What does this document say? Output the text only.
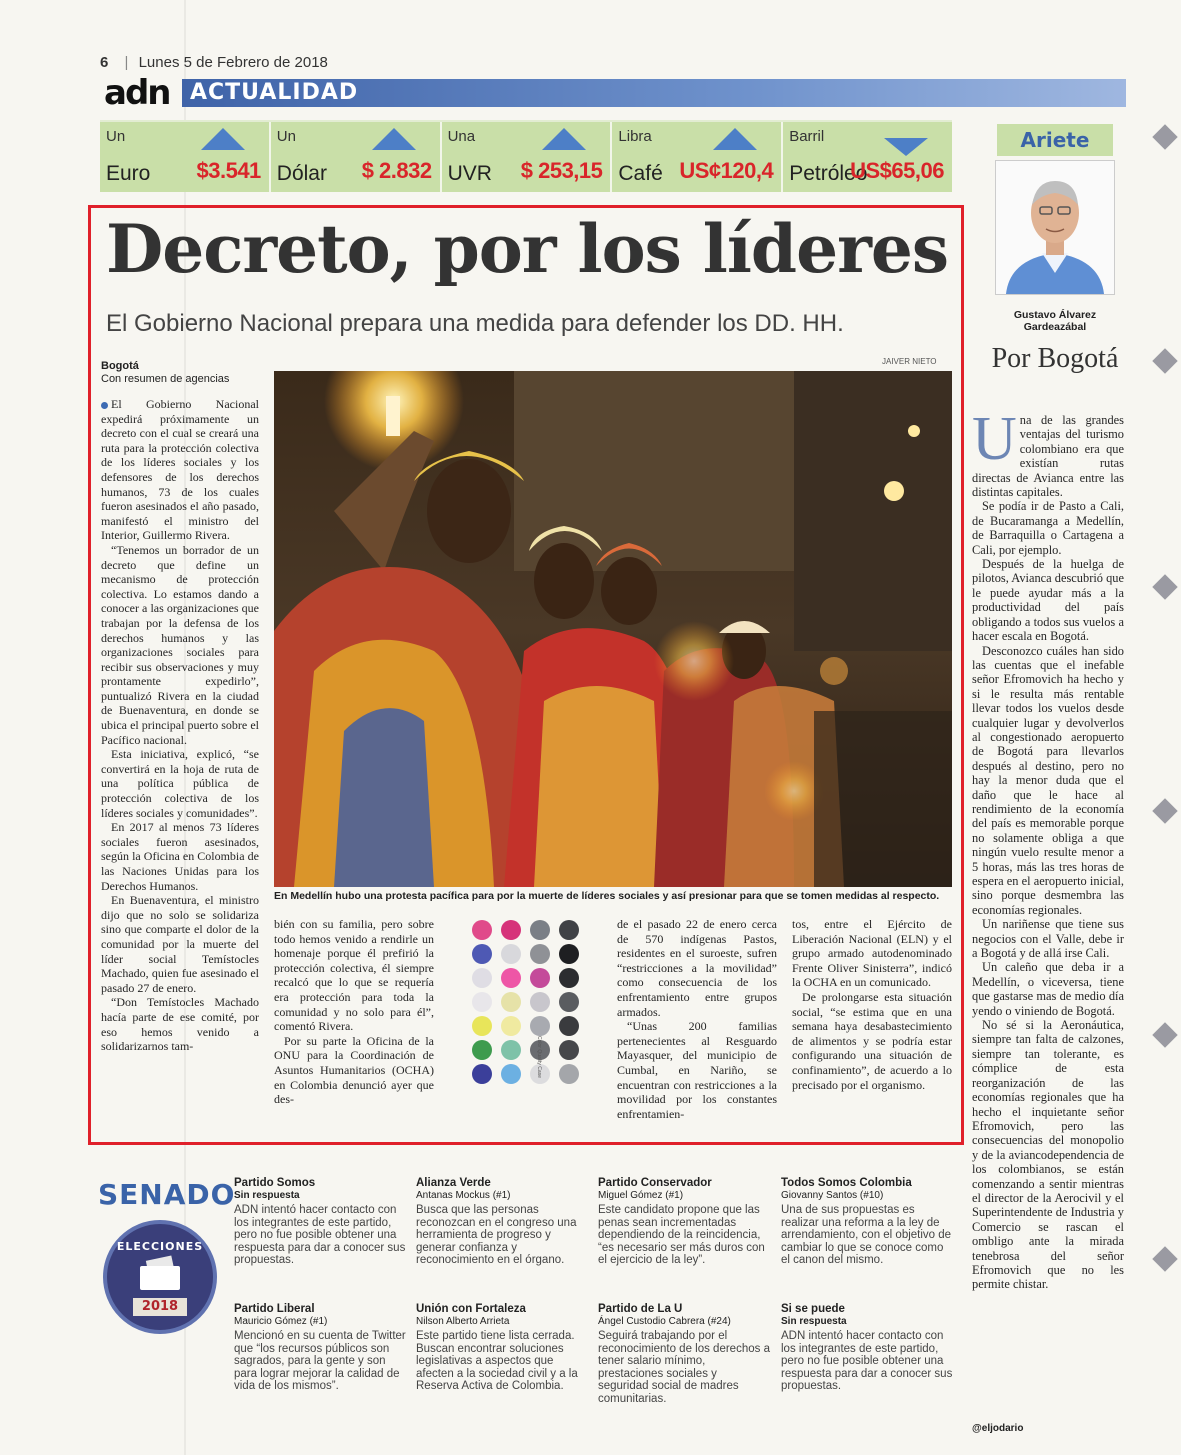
6 | Lunes 5 de Febrero de 2018
adn ACTUALIDAD
Un
Euro $3.541
Un
Dólar $ 2.832
Una
UVR $ 253,15
Libra
Café US¢120,4
Barril
Petróleo
US$65,06
Decreto, por los líderes
El Gobierno Nacional prepara una medida para defender los DD. HH.
JAIVER NIETO
Bogotá
Con resumen de agencias
En Medellín hubo una protesta pacífica para por la muerte de líderes sociales y así presionar para que se tomen medidas al respecto.

El Gobierno Nacional expedirá próximamente un decreto con el cual se creará una ruta para la protección colectiva de los líderes sociales y los defensores de los derechos humanos, 73 de los cuales fueron asesinados el año pasado, manifestó el ministro del Interior, Guillermo Rivera.

“Tenemos un borrador de un decreto que define un mecanismo de protección colectiva. Lo estamos dando a conocer a las organizaciones que trabajan por la defensa de los derechos humanos y las organizaciones sociales para recibir sus observaciones y muy prontamente expedirlo”, puntualizó Rivera en la ciudad de Buenaventura, en donde se ubica el principal puerto sobre el Pacífico nacional.

Esta iniciativa, explicó, “se convertirá en la hoja de ruta de una política pública de protección colectiva de los líderes sociales y comunidades”.

En 2017 al menos 73 líderes sociales fueron asesinados, según la Oficina en Colombia de las Naciones Unidas para los Derechos Humanos.

En Buenaventura, el ministro dijo que no solo se solidariza sino que comparte el dolor de la comunidad por la muerte del líder social Temístocles Machado, quien fue asesinado el pasado 27 de enero.

“Don Temístocles Machado hacía parte de ese comité, por eso hemos venido a solidarizarnos tam-

bién con su familia, pero sobre todo hemos venido a rendirle un homenaje porque él prefirió la protección colectiva, él siempre recalcó que lo que se requería era protección para toda la comunidad y no solo para él”, comentó Rivera.

Por su parte la Oficina de la ONU para la Coordinación de Asuntos Humanitarios (OCHA) en Colombia denunció ayer que des-

Color Quality Case

de el pasado 22 de enero cerca de 570 indígenas Pastos, residentes en el suroeste, sufren “restricciones a la movilidad” como consecuencia de los enfrentamiento entre grupos armados.

“Unas 200 familias pertenecientes al Resguardo Mayasquer, del municipio de Cumbal, en Nariño, se encuentran con restricciones a la movilidad por los constantes enfrentamien-

tos, entre el Ejército de Liberación Nacional (ELN) y el grupo armado autodenominado Frente Oliver Sinisterra”, indicó la OCHA en un comunicado.

De prolongarse esta situación social, “se estima que en una semana haya desabastecimiento de alimentos y se podría estar configurando una situación de confinamiento”, de acuerdo a lo precisado por el organismo.

Ariete
Gustavo Álvarez Gardeazábal
Por Bogotá

Una de las grandes ventajas del turismo colombiano era que existían rutas directas de Avianca entre las distintas capitales.

Se podía ir de Pasto a Cali, de Bucaramanga a Medellín, de Barraquilla o Cartagena a Cali, por ejemplo.

Después de la huelga de pilotos, Avianca descubrió que le puede ayudar más a la productividad del país obligando a todos sus vuelos a hacer escala en Bogotá.

Desconozco cuáles han sido las cuentas que el inefable señor Efromovich ha hecho y si le resulta más rentable llevar todos los vuelos desde cualquier lugar y devolverlos al congestionado aeropuerto de Bogotá para llevarlos después al destino, pero no hay la menor duda que el daño que le hace al rendimiento de la economía del país es memorable porque no solamente obliga a que ningún vuelo resulte menor a 5 horas, más las tres horas de espera en el aeropuerto inicial, sino porque desmembra las economías regionales.

Un nariñense que tiene sus negocios con el Valle, debe ir a Bogotá y de allá irse Cali.

Un caleño que deba ir a Medellín, o viceversa, tiene que gastarse mas de medio día yendo o viniendo de Bogotá.

No sé si la Aeronáutica, siempre tan falta de calzones, siempre tan tolerante, es cómplice de esta reorganización de las economías regionales que ha hecho el inquietante señor Efromovich, pero las consecuencias del monopolio y de la aviancodependencia de los colombianos, se están comenzando a sentir mientras el director de la Aerocivil y el Superintendente de Industria y Comercio se rascan el ombligo ante la mirada tenebrosa del señor Efromovich que no les permite chistar.

@eljodario
SENADO
ELECCIONES
2018
Partido Somos
Sin respuesta
ADN intentó hacer contacto con los integrantes de este partido, pero no fue posible obtener una respuesta para dar a conocer sus propuestas.
Alianza Verde
Antanas Mockus (#1)
Busca que las personas reconozcan en el congreso una herramienta de progreso y generar confianza y reconocimiento en el órgano.
Partido Conservador
Miguel Gómez (#1)
Este candidato propone que las penas sean incrementadas dependiendo de la reincidencia, “es necesario ser más duros con el ejercicio de la ley”.
Todos Somos Colombia
Giovanny Santos (#10)
Una de sus propuestas es realizar una reforma a la ley de arrendamiento, con el objetivo de cambiar lo que se conoce como el canon del mismo.
Partido Liberal
Mauricio Gómez (#1)
Mencionó en su cuenta de Twitter que “los recursos públicos son sagrados, para la gente y son para lograr mejorar la calidad de vida de los mismos”.
Unión con Fortaleza
Nilson Alberto Arrieta
Este partido tiene lista cerrada. Buscan encontrar soluciones legislativas a aspectos que afecten a la sociedad civil y a la Reserva Activa de Colombia.
Partido de La U
Ángel Custodio Cabrera (#24)
Seguirá trabajando por el reconocimiento de los derechos a tener salario mínimo, prestaciones sociales y seguridad social de madres comunitarias.
Si se puede
Sin respuesta
ADN intentó hacer contacto con los integrantes de este partido, pero no fue posible obtener una respuesta para dar a conocer sus propuestas.
